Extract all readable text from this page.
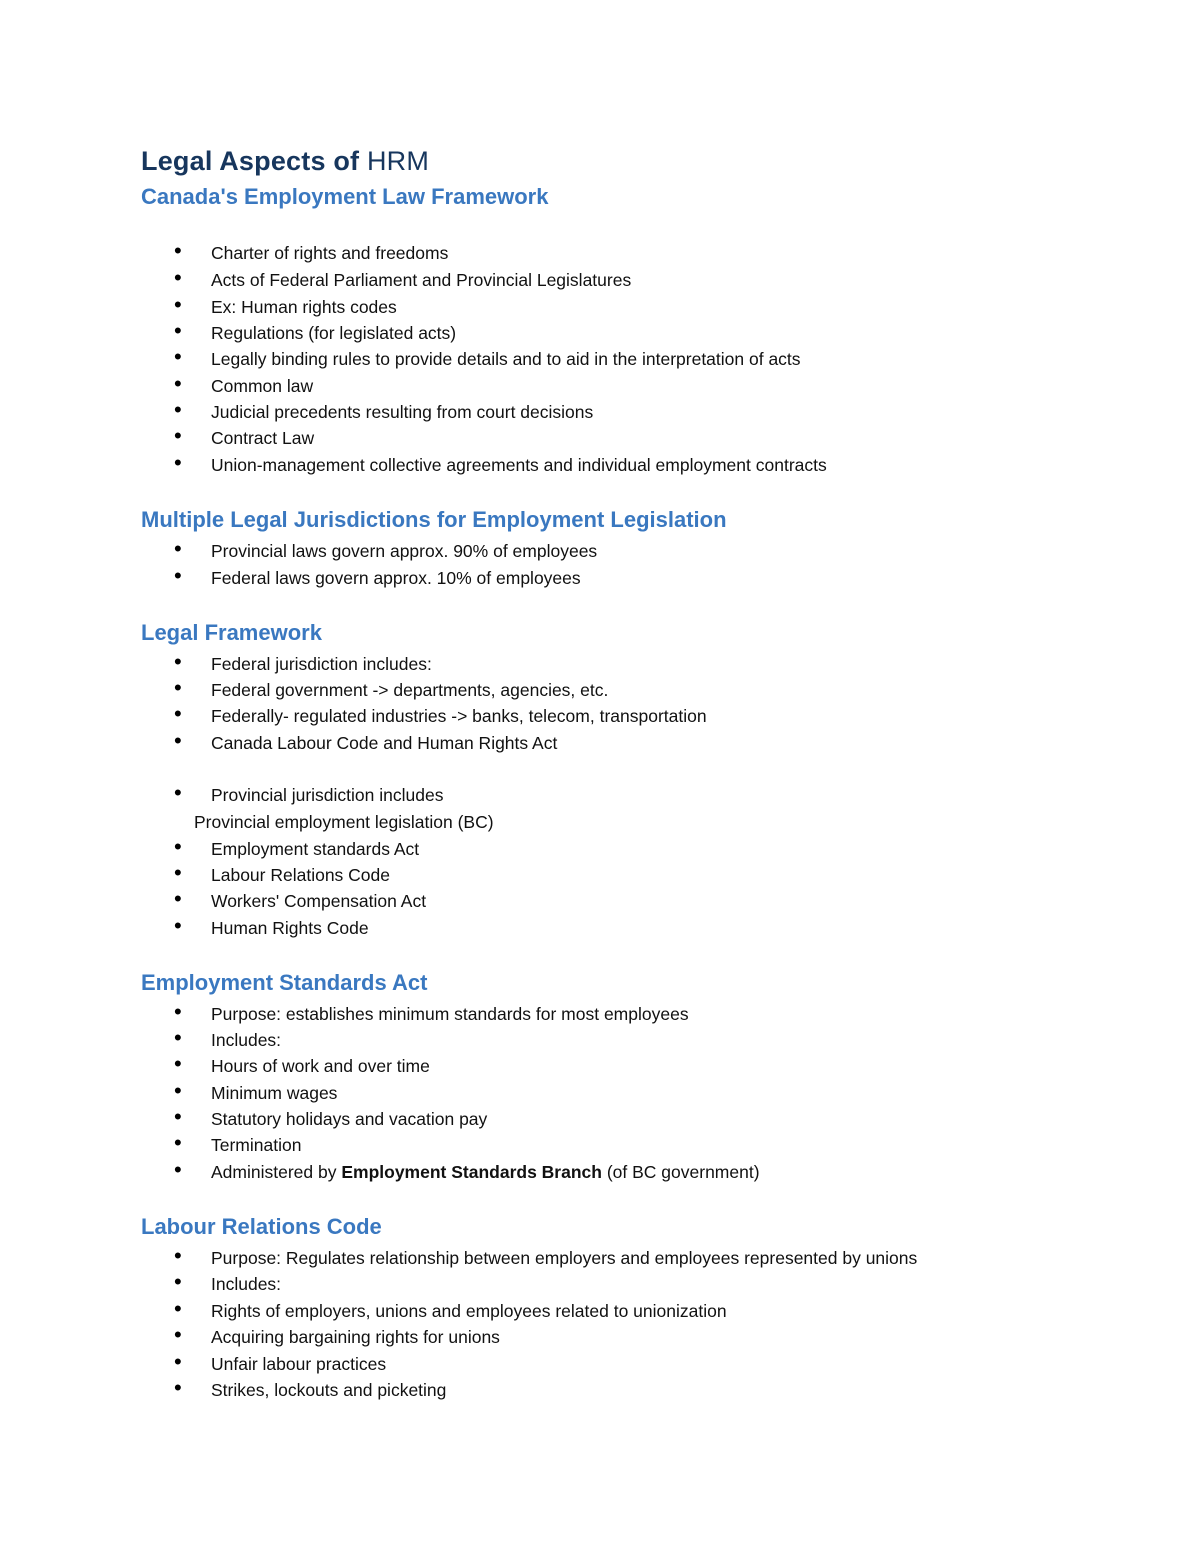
Legal Aspects of HRM
Canada's Employment Law Framework
• Charter of rights and freedoms
• Acts of Federal Parliament and Provincial Legislatures
• Ex: Human rights codes
• Regulations (for legislated acts)
• Legally binding rules to provide details and to aid in the interpretation of acts
• Common law
• Judicial precedents resulting from court decisions
• Contract Law
• Union-management collective agreements and individual employment contracts
Multiple Legal Jurisdictions for Employment Legislation
• Provincial laws govern approx. 90% of employees
• Federal laws govern approx. 10% of employees
Legal Framework
• Federal jurisdiction includes:
• Federal government -> departments, agencies, etc.
• Federally- regulated industries -> banks, telecom, transportation
• Canada Labour Code and Human Rights Act
• Provincial jurisdiction includes
Provincial employment legislation (BC)
• Employment standards Act
• Labour Relations Code
• Workers' Compensation Act
• Human Rights Code
Employment Standards Act
• Purpose: establishes minimum standards for most employees
• Includes:
• Hours of work and over time
• Minimum wages
• Statutory holidays and vacation pay
• Termination
• Administered by Employment Standards Branch (of BC government)
Labour Relations Code
• Purpose: Regulates relationship between employers and employees represented by unions
• Includes:
• Rights of employers, unions and employees related to unionization
• Acquiring bargaining rights for unions
• Unfair labour practices
• Strikes, lockouts and picketing
